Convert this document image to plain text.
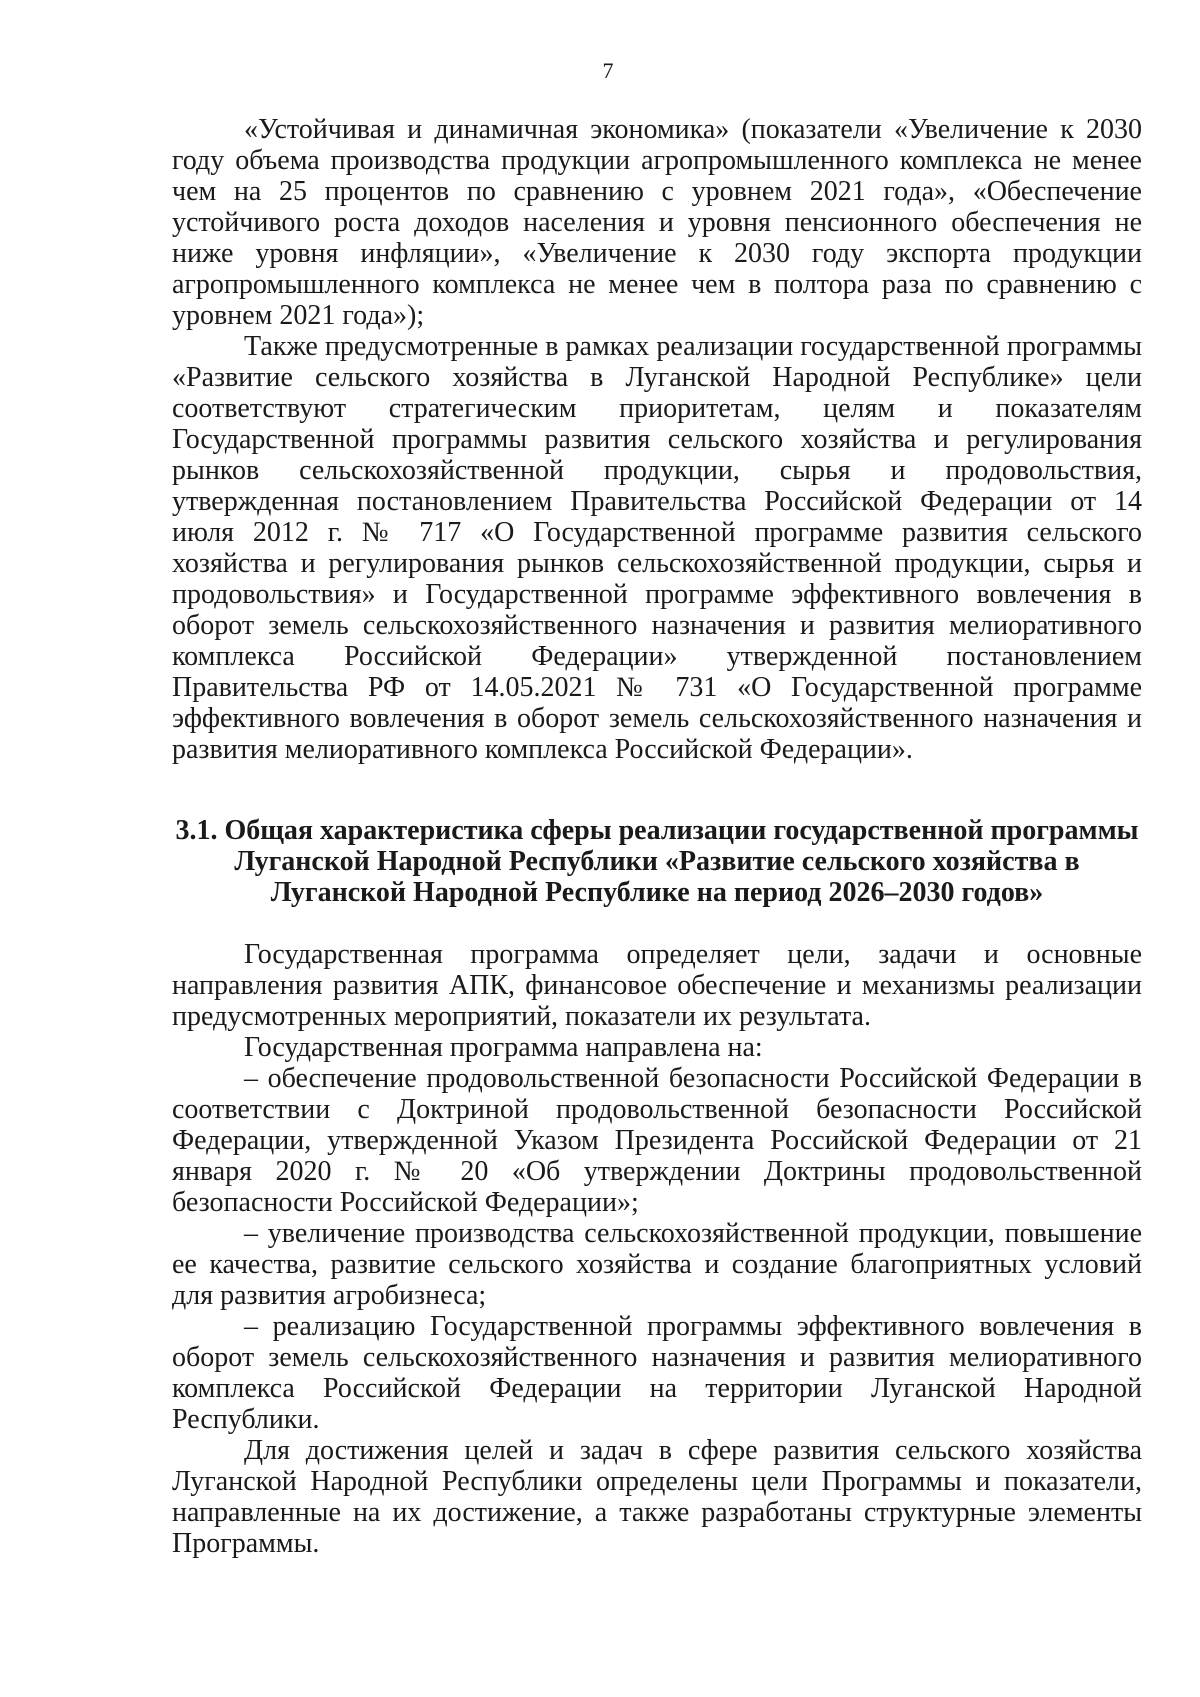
7

«Устойчивая и динамичная экономика» (показатели «Увеличение к 2030 году объема производства продукции агропромышленного комплекса не менее чем на 25 процентов по сравнению с уровнем 2021 года», «Обеспечение устойчивого роста доходов населения и уровня пенсионного обеспечения не ниже уровня инфляции», «Увеличение к 2030 году экспорта продукции агропромышленного комплекса не менее чем в полтора раза по сравнению с уровнем 2021 года»);

Также предусмотренные в рамках реализации государственной программы «Развитие сельского хозяйства в Луганской Народной Республике» цели соответствуют стратегическим приоритетам, целям и показателям Государственной программы развития сельского хозяйства и регулирования рынков сельскохозяйственной продукции, сырья и продовольствия, утвержденная постановлением Правительства Российской Федерации от 14 июля 2012 г. № 717 «О Государственной программе развития сельского хозяйства и регулирования рынков сельскохозяйственной продукции, сырья и продовольствия» и Государственной программе эффективного вовлечения в оборот земель сельскохозяйственного назначения и развития мелиоративного комплекса Российской Федерации» утвержденной постановлением Правительства РФ от 14.05.2021 № 731 «О Государственной программе эффективного вовлечения в оборот земель сельскохозяйственного назначения и развития мелиоративного комплекса Российской Федерации».

3.1. Общая характеристика сферы реализации государственной программы Луганской Народной Республики «Развитие сельского хозяйства в Луганской Народной Республике на период 2026–2030 годов»

Государственная программа определяет цели, задачи и основные направления развития АПК, финансовое обеспечение и механизмы реализации предусмотренных мероприятий, показатели их результата.

Государственная программа направлена на:

– обеспечение продовольственной безопасности Российской Федерации в соответствии с Доктриной продовольственной безопасности Российской Федерации, утвержденной Указом Президента Российской Федерации от 21 января 2020 г. № 20 «Об утверждении Доктрины продовольственной безопасности Российской Федерации»;

– увеличение производства сельскохозяйственной продукции, повышение ее качества, развитие сельского хозяйства и создание благоприятных условий для развития агробизнеса;

– реализацию Государственной программы эффективного вовлечения в оборот земель сельскохозяйственного назначения и развития мелиоративного комплекса Российской Федерации на территории Луганской Народной Республики.

Для достижения целей и задач в сфере развития сельского хозяйства Луганской Народной Республики определены цели Программы и показатели, направленные на их достижение, а также разработаны структурные элементы Программы.
